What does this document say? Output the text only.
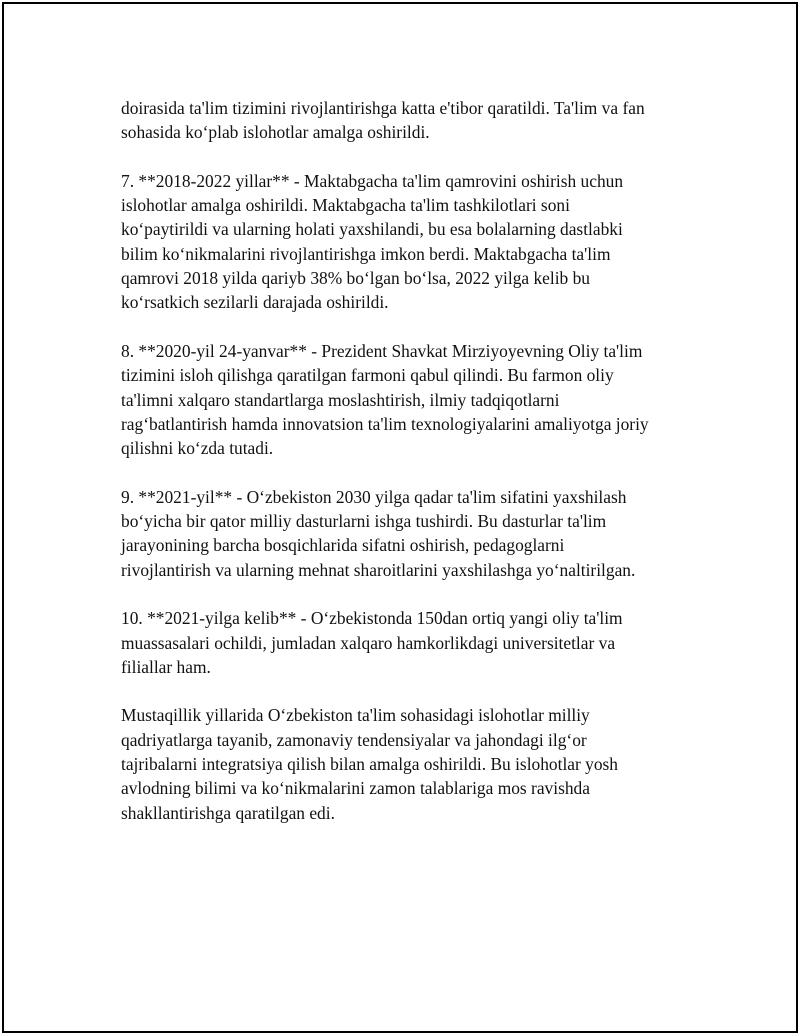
doirasida ta'lim tizimini rivojlantirishga katta e'tibor qaratildi. Ta'lim va fan
sohasida ko‘plab islohotlar amalga oshirildi.

7. **2018-2022 yillar** - Maktabgacha ta'lim qamrovini oshirish uchun
islohotlar amalga oshirildi. Maktabgacha ta'lim tashkilotlari soni
ko‘paytirildi va ularning holati yaxshilandi, bu esa bolalarning dastlabki
bilim ko‘nikmalarini rivojlantirishga imkon berdi. Maktabgacha ta'lim
qamrovi 2018 yilda qariyb 38% bo‘lgan bo‘lsa, 2022 yilga kelib bu
ko‘rsatkich sezilarli darajada oshirildi.

8. **2020-yil 24-yanvar** - Prezident Shavkat Mirziyoyevning Oliy ta'lim
tizimini isloh qilishga qaratilgan farmoni qabul qilindi. Bu farmon oliy
ta'limni xalqaro standartlarga moslashtirish, ilmiy tadqiqotlarni
rag‘batlantirish hamda innovatsion ta'lim texnologiyalarini amaliyotga joriy
qilishni ko‘zda tutadi.

9. **2021-yil** - O‘zbekiston 2030 yilga qadar ta'lim sifatini yaxshilash
bo‘yicha bir qator milliy dasturlarni ishga tushirdi. Bu dasturlar ta'lim
jarayonining barcha bosqichlarida sifatni oshirish, pedagoglarni
rivojlantirish va ularning mehnat sharoitlarini yaxshilashga yo‘naltirilgan.

10. **2021-yilga kelib** - O‘zbekistonda 150dan ortiq yangi oliy ta'lim
muassasalari ochildi, jumladan xalqaro hamkorlikdagi universitetlar va
filiallar ham.

Mustaqillik yillarida O‘zbekiston ta'lim sohasidagi islohotlar milliy
qadriyatlarga tayanib, zamonaviy tendensiyalar va jahondagi ilg‘or
tajribalarni integratsiya qilish bilan amalga oshirildi. Bu islohotlar yosh
avlodning bilimi va ko‘nikmalarini zamon talablariga mos ravishda
shakllantirishga qaratilgan edi.
